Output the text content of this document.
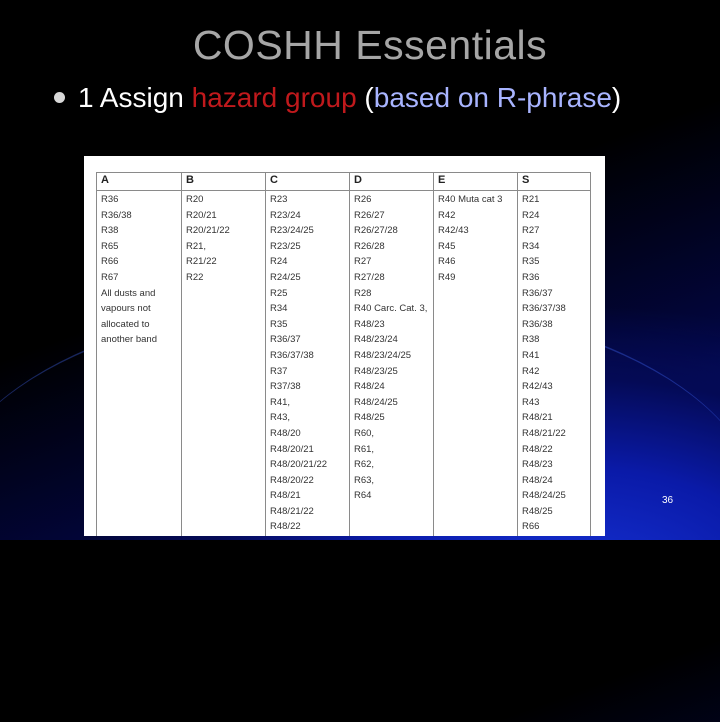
COSHH Essentials
1 Assign hazard group (based on R-phrase)
A
R36
R36/38
R38
R65
R66
R67
All dusts and
vapours not
allocated to
another band
B
R20
R20/21
R20/21/22
R21,
R21/22
R22
C
R23
R23/24
R23/24/25
R23/25
R24
R24/25
R25
R34
R35
R36/37
R36/37/38
R37
R37/38
R41,
R43,
R48/20
R48/20/21
R48/20/21/22
R48/20/22
R48/21
R48/21/22
R48/22
D
R26
R26/27
R26/27/28
R26/28
R27
R27/28
R28
R40 Carc. Cat. 3,
R48/23
R48/23/24
R48/23/24/25
R48/23/25
R48/24
R48/24/25
R48/25
R60,
R61,
R62,
R63,
R64
E
R40 Muta cat 3
R42
R42/43
R45
R46
R49
S
R21
R24
R27
R34
R35
R36
R36/37
R36/37/38
R36/38
R38
R41
R42
R42/43
R43
R48/21
R48/21/22
R48/22
R48/23
R48/24
R48/24/25
R48/25
R66
36
